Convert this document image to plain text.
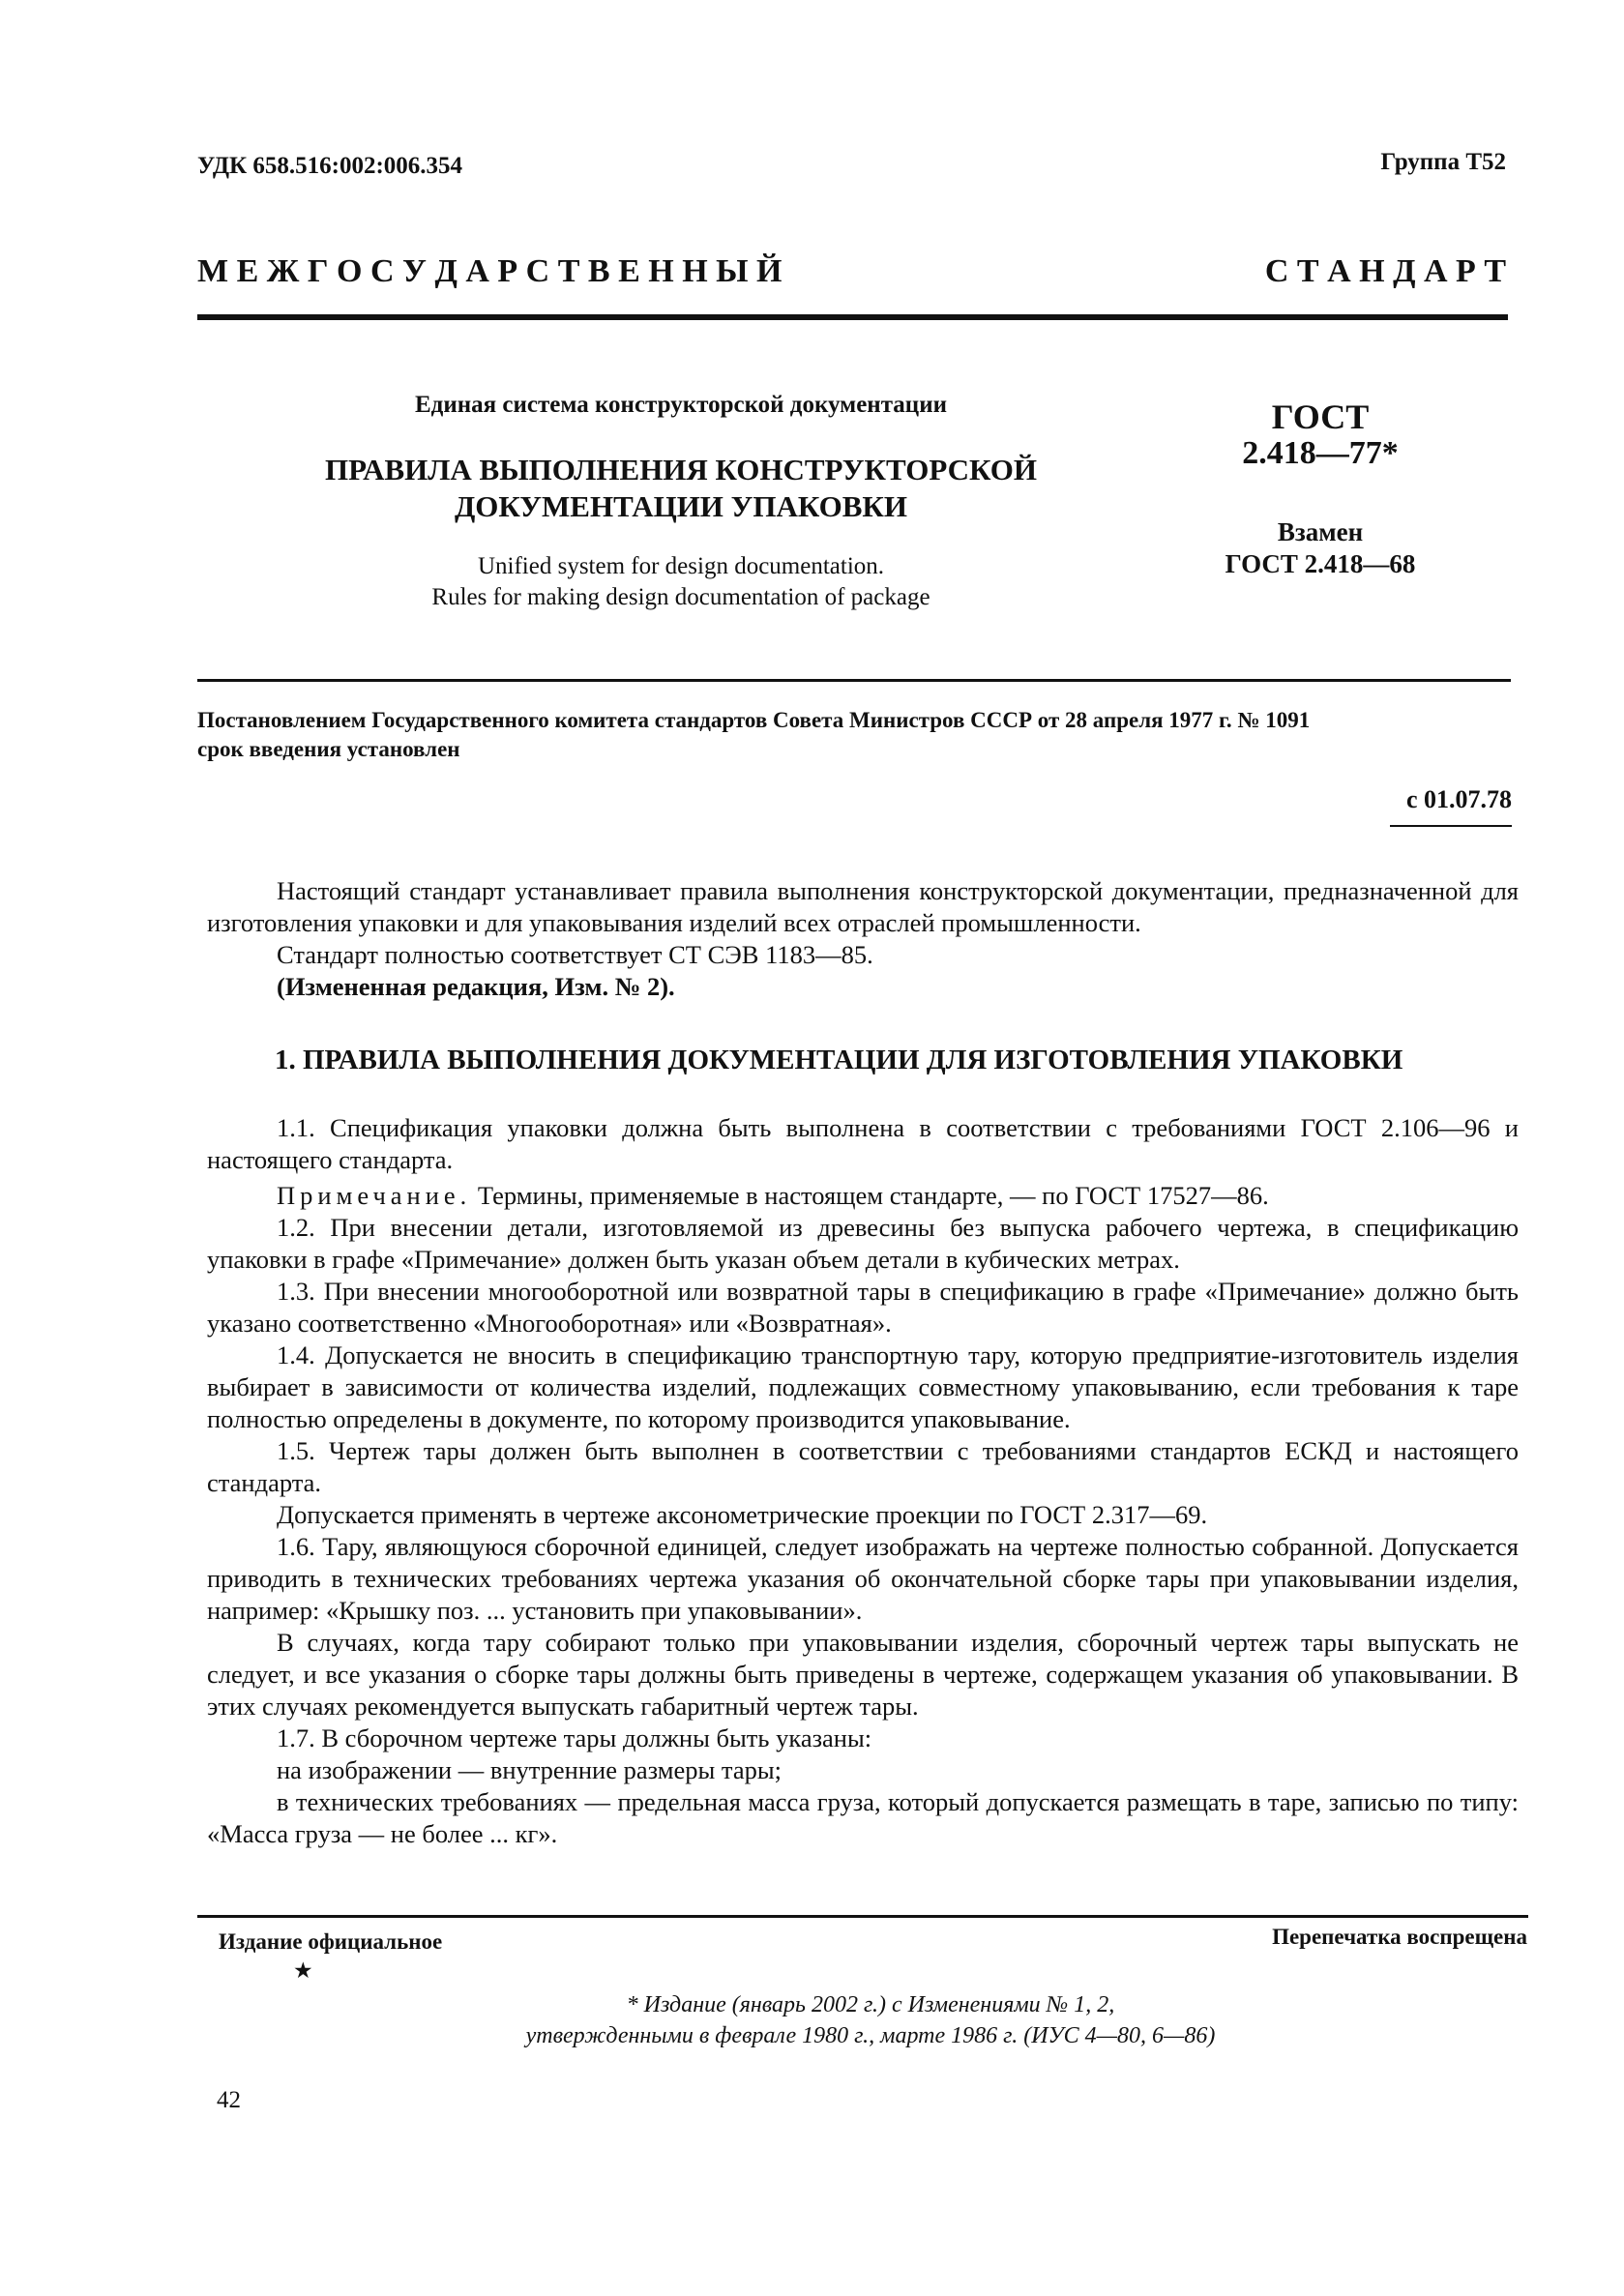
УДК 658.516:002:006.354	Группа Т52
М Е Ж Г О С У Д А Р С Т В Е Н Н Ы Й	С Т А Н Д А Р Т
Единая система конструкторской документации
ПРАВИЛА ВЫПОЛНЕНИЯ КОНСТРУКТОРСКОЙ
ДОКУМЕНТАЦИИ УПАКОВКИ
Unified system for design documentation.
Rules for making design documentation of package
ГОСТ
2.418—77*
Взамен
ГОСТ 2.418—68
Постановлением Государственного комитета стандартов Совета Министров СССР от 28 апреля 1977 г. № 1091
срок введения установлен
с 01.07.78

Настоящий стандарт устанавливает правила выполнения конструкторской документации, предназначенной для изготовления упаковки и для упаковывания изделий всех отраслей промышленности.

Стандарт полностью соответствует СТ СЭВ 1183—85.

(Измененная редакция, Изм. № 2).

1. ПРАВИЛА ВЫПОЛНЕНИЯ ДОКУМЕНТАЦИИ ДЛЯ ИЗГОТОВЛЕНИЯ УПАКОВКИ

1.1. Спецификация упаковки должна быть выполнена в соответствии с требованиями ГОСТ 2.106—96 и настоящего стандарта.

Примечание. Термины, применяемые в настоящем стандарте, — по ГОСТ 17527—86.

1.2. При внесении детали, изготовляемой из древесины без выпуска рабочего чертежа, в спецификацию упаковки в графе «Примечание» должен быть указан объем детали в кубических метрах.

1.3. При внесении многооборотной или возвратной тары в спецификацию в графе «Примечание» должно быть указано соответственно «Многооборотная» или «Возвратная».

1.4. Допускается не вносить в спецификацию транспортную тару, которую предприятие-изготовитель изделия выбирает в зависимости от количества изделий, подлежащих совместному упаковыванию, если требования к таре полностью определены в документе, по которому производится упаковывание.

1.5. Чертеж тары должен быть выполнен в соответствии с требованиями стандартов ЕСКД и настоящего стандарта.

Допускается применять в чертеже аксонометрические проекции по ГОСТ 2.317—69.

1.6. Тару, являющуюся сборочной единицей, следует изображать на чертеже полностью собранной. Допускается приводить в технических требованиях чертежа указания об окончательной сборке тары при упаковывании изделия, например: «Крышку поз. ... установить при упаковывании».

В случаях, когда тару собирают только при упаковывании изделия, сборочный чертеж тары выпускать не следует, и все указания о сборке тары должны быть приведены в чертеже, содержащем указания об упаковывании. В этих случаях рекомендуется выпускать габаритный чертеж тары.

1.7. В сборочном чертеже тары должны быть указаны:

на изображении — внутренние размеры тары;

в технических требованиях — предельная масса груза, который допускается размещать в таре, записью по типу: «Масса груза — не более ... кг».

Издание официальное	Перепечатка воспрещена
★
* Издание (январь 2002 г.) с Изменениями № 1, 2,
утвержденными в феврале 1980 г., марте 1986 г. (ИУС 4—80, 6—86)
42
